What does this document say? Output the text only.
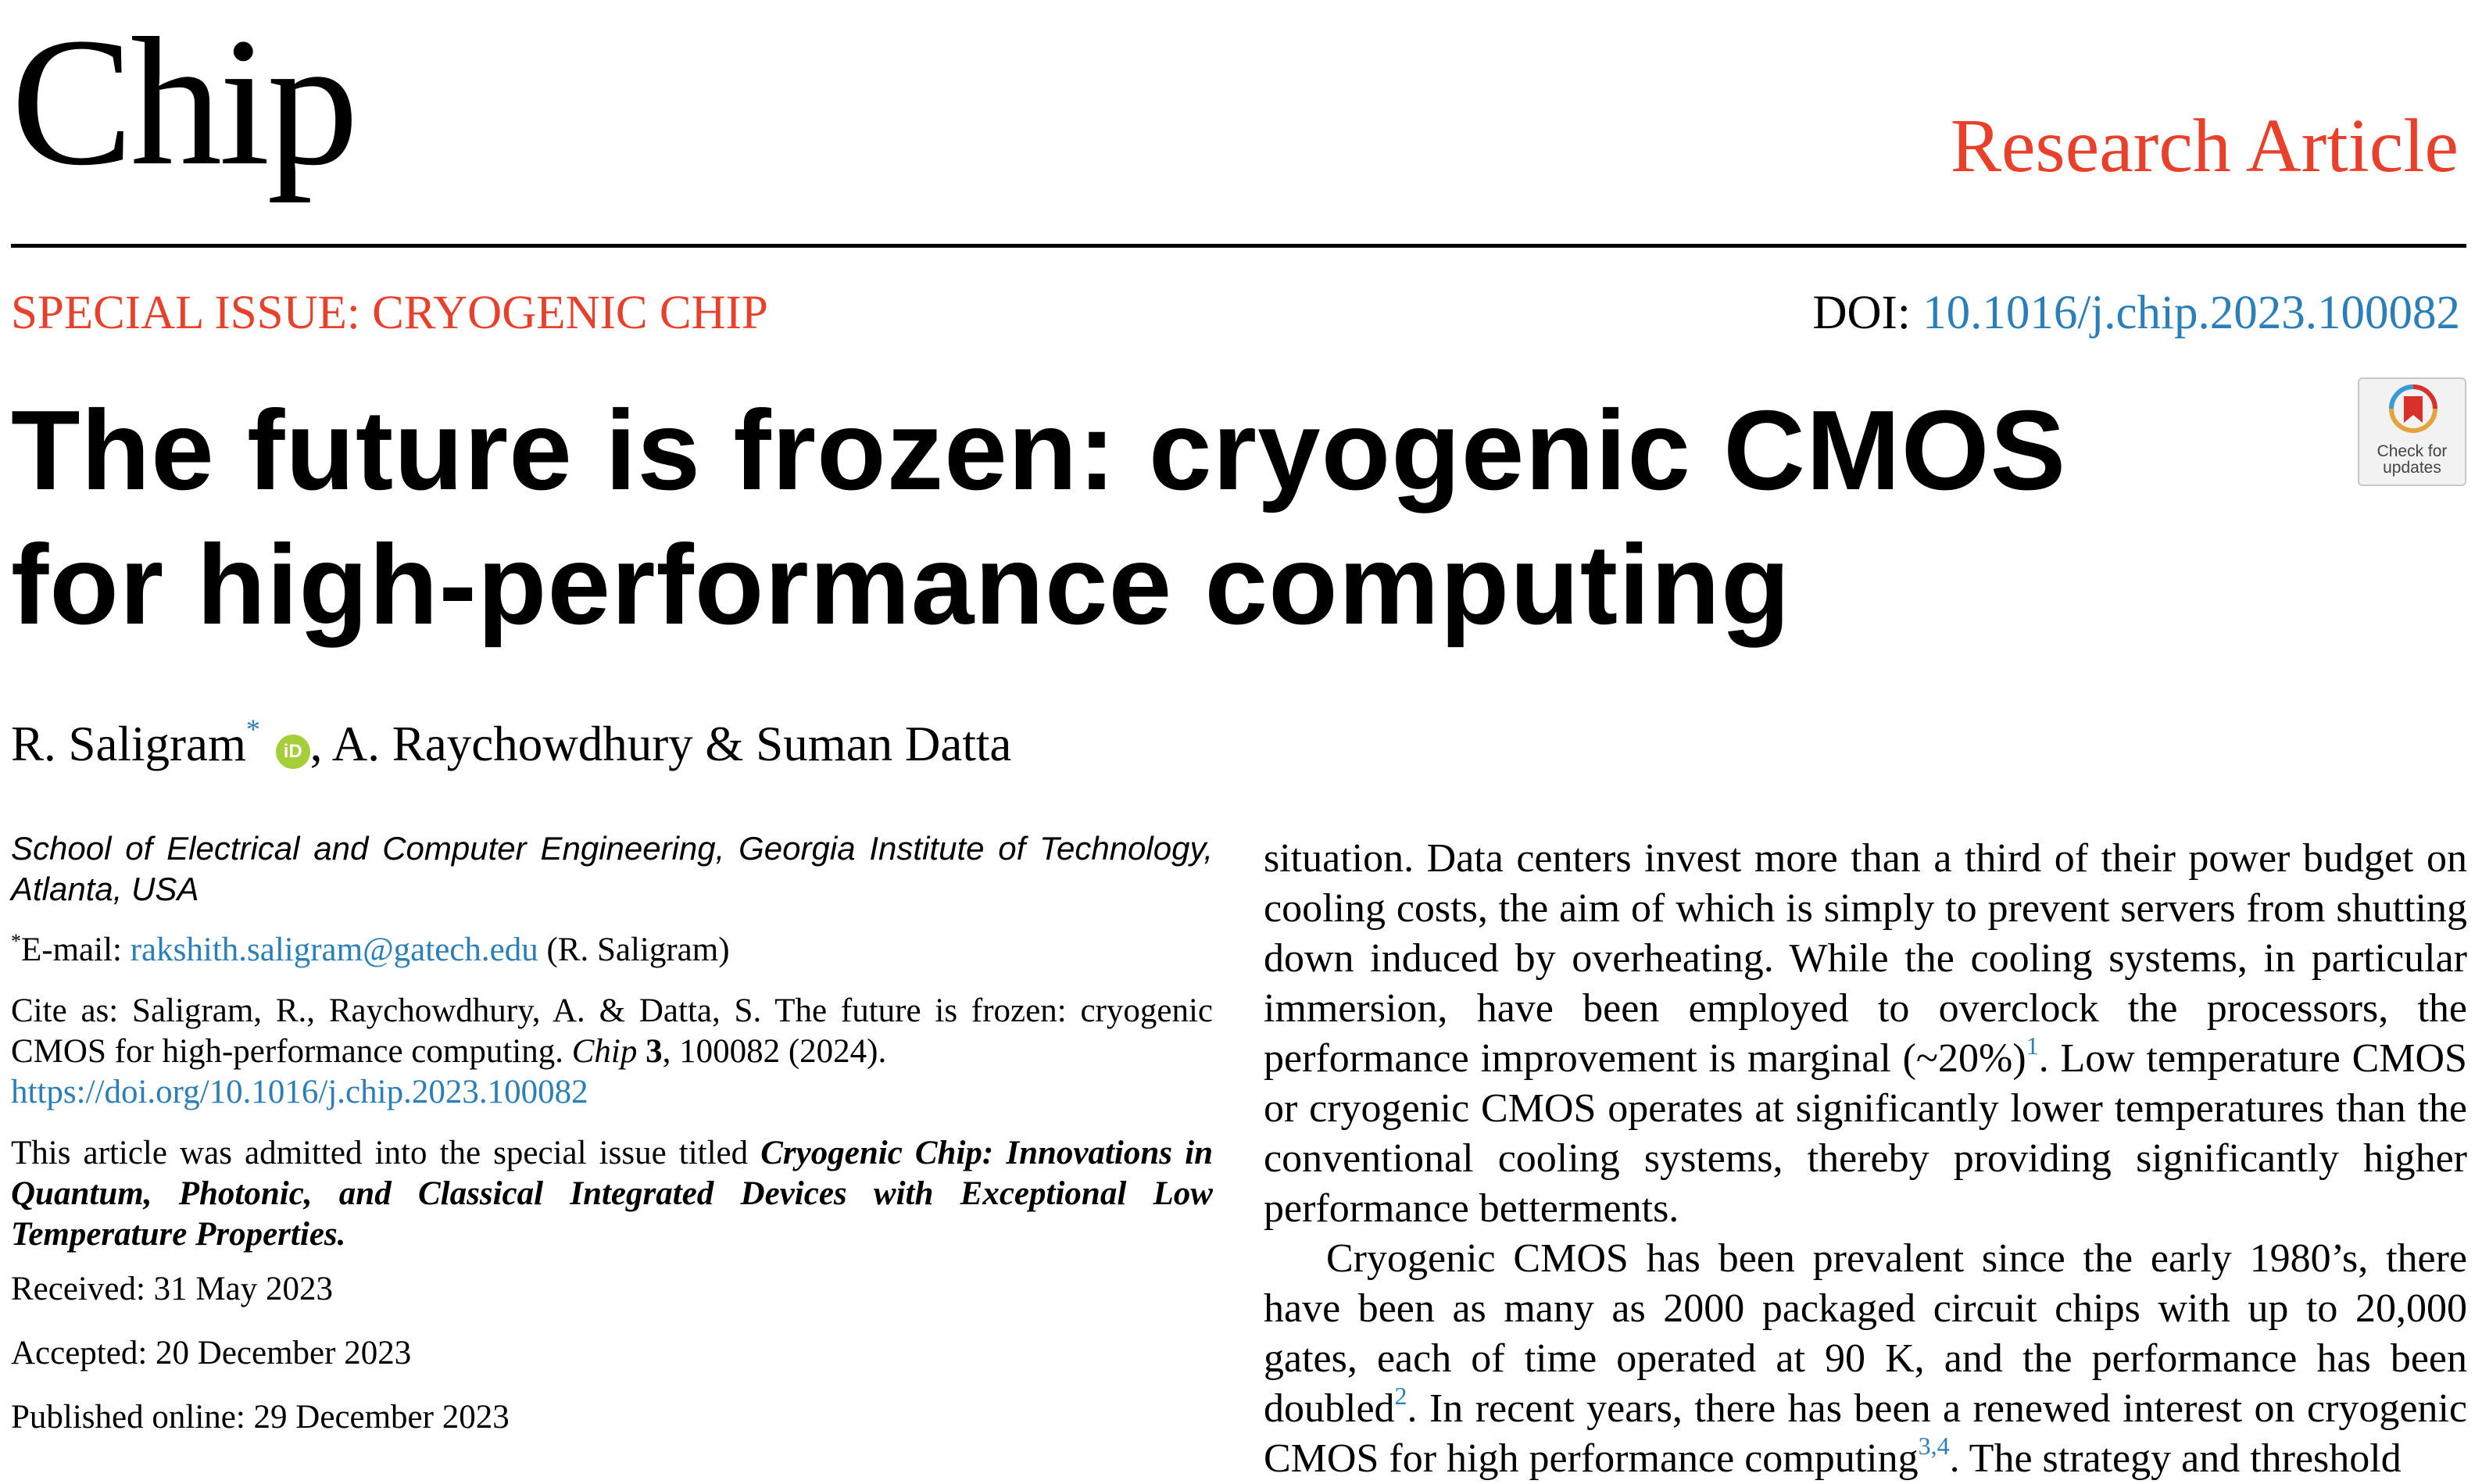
Chip	Research Article
SPECIAL ISSUE: CRYOGENIC CHIP	DOI: 10.1016/j.chip.2023.100082
The future is frozen: cryogenic CMOS
for high-performance computing
Check for
updates
R. Saligram* iD , A. Raychowdhury & Suman Datta
School of Electrical and Computer Engineering, Georgia Institute of Technology, Atlanta, USA
*E-mail: rakshith.saligram@gatech.edu (R. Saligram)
Cite as: Saligram, R., Raychowdhury, A. & Datta, S. The future is frozen: cryogenic CMOS for high-performance computing. Chip 3, 100082 (2024).
https://doi.org/10.1016/j.chip.2023.100082
This article was admitted into the special issue titled Cryogenic Chip: Innovations in Quantum, Photonic, and Classical Integrated Devices with Exceptional Low Temperature Properties.
Received: 31 May 2023
Accepted: 20 December 2023
Published online: 29 December 2023

situation. Data centers invest more than a third of their power budget on cooling costs, the aim of which is simply to prevent servers from shutting down induced by overheating. While the cooling systems, in particular immersion, have been employed to overclock the processors, the performance improvement is marginal (~20%)$^1$. Low temperature CMOS or cryogenic CMOS operates at significantly lower temperatures than the conventional cooling systems, thereby providing significantly higher performance betterments.

Cryogenic CMOS has been prevalent since the early 1980’s, there have been as many as 2000 packaged circuit chips with up to 20,000 gates, each of time operated at 90 K, and the performance has been doubled$^2$. In recent years, there has been a renewed interest on cryogenic CMOS for high performance computing$^{3,4}$. The strategy and threshold
